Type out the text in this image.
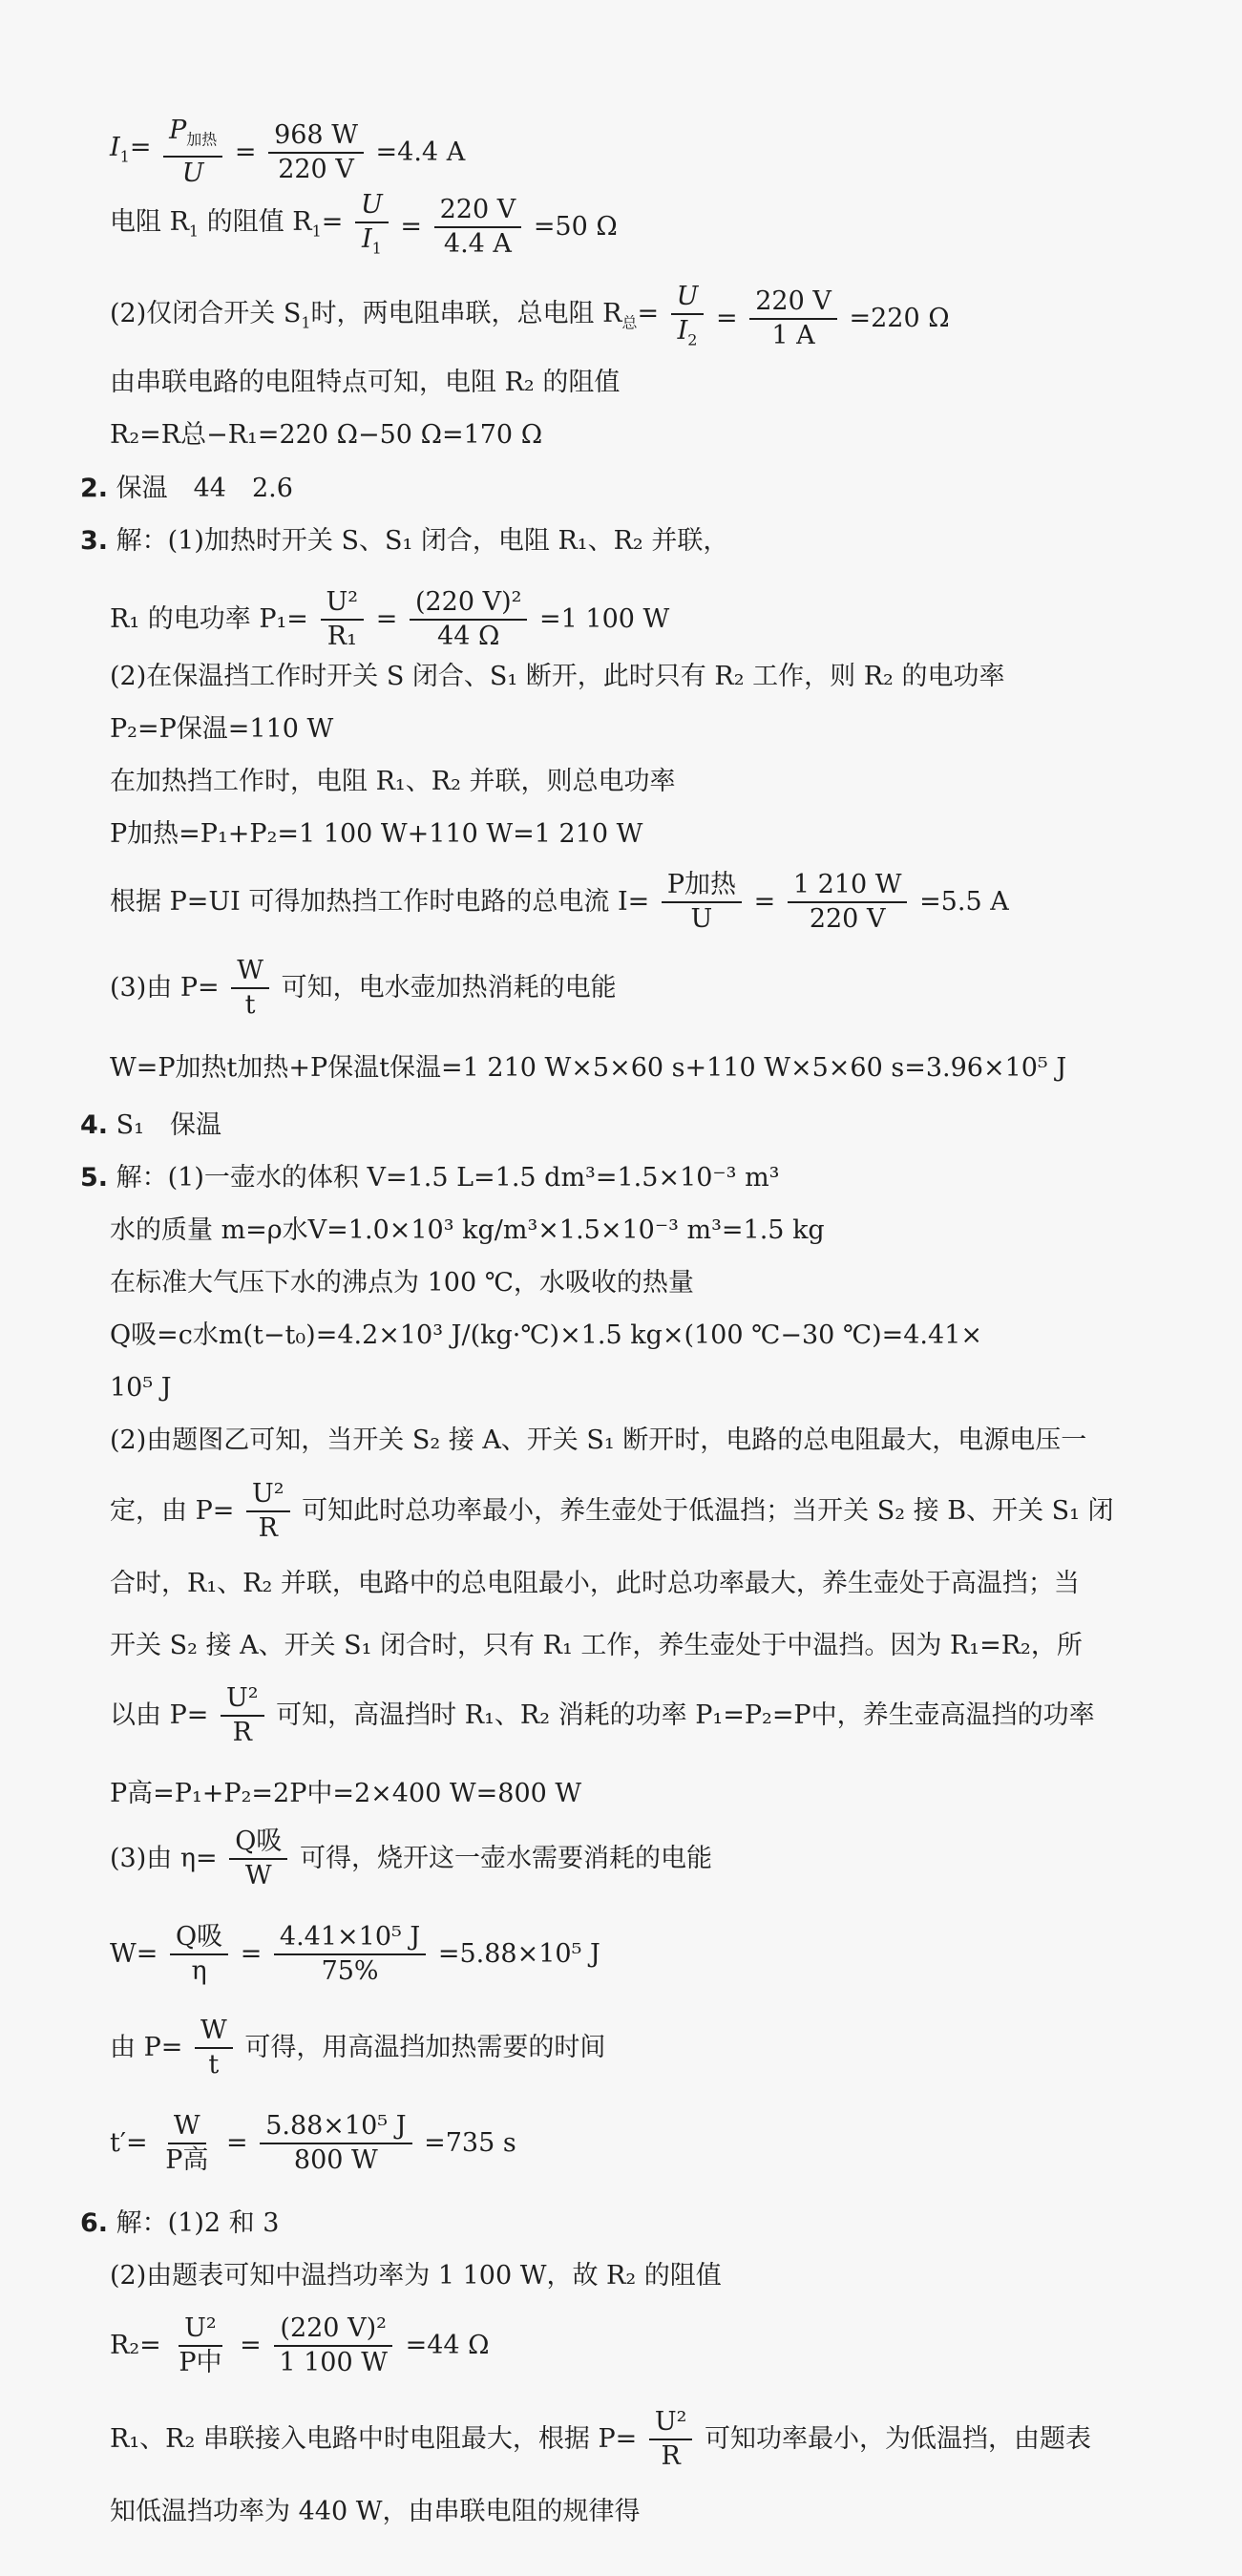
$I_1=$
$P_{加热}$
U
= $\frac{968 W}{220 V} =4.4$ A
电阻 $R_1$ 的阻值 $R_1= \frac{U}{I_1} = \frac{220 V}{4.4 A} =50$ Ω
(2)仅闭合开关 $S_1$时，两电阻串联，总电阻 $R_总= \frac{U}{I_2} = \frac{220 V}{1 A} =220$ Ω
由串联电路的电阻特点可知，电阻 R₂ 的阻值
R₂=R总−R₁=220 Ω−50 Ω=170 Ω
2. 保温　44　2.6
3. 解：(1)加热时开关 S、S₁ 闭合，电阻 R₁、R₂ 并联，
R₁ 的电功率 $P_1= \frac{\text{U²}}{\text{R₁}} = \frac{\text{(220 V)²}}{44 \Omega} =1$ 100 W
(2)在保温挡工作时开关 S 闭合、S₁ 断开，此时只有 R₂ 工作，则 R₂ 的电功率
P₂=P保温=110 W
在加热挡工作时，电阻 R₁、R₂ 并联，则总电功率
P加热=P₁+P₂=1 100 W+110 W=1 210 W
根据 P=UI 可得加热挡工作时电路的总电流 I=
P加热
U
= $\frac{1 210 W}{220 V} =5.5$ A
(3)由 $P= \frac{W}{t}$ 可知，电水壶加热消耗的电能
W=P加热t加热+P保温t保温=1 210 W×5×60 s+110 W×5×60 s=3.96×10⁵ J
4. S₁　保温
5. 解：(1)一壶水的体积 V=1.5 L=1.5 dm³=1.5×10⁻³ m³
水的质量 m=ρ水V=1.0×10³ kg/m³×1.5×10⁻³ m³=1.5 kg
在标准大气压下水的沸点为 100 ℃，水吸收的热量
Q吸=c水m(t−t₀)=4.2×10³ J/(kg·℃)×1.5 kg×(100 ℃−30 ℃)=4.41×
10⁵ J
(2)由题图乙可知，当开关 S₂ 接 A、开关 S₁ 断开时，电路的总电阻最大，电源电压一
定，由 $P= \frac{\text{U²}}{R}$ 可知此时总功率最小，养生壶处于低温挡；当开关 S₂ 接 B、开关 S₁ 闭
合时，R₁、R₂ 并联，电路中的总电阻最小，此时总功率最大，养生壶处于高温挡；当
开关 S₂ 接 A、开关 S₁ 闭合时，只有 R₁ 工作，养生壶处于中温挡。因为 R₁=R₂，所
以由 $P= \frac{\text{U²}}{R}$ 可知，高温挡时 R₁、R₂ 消耗的功率 P₁=P₂=P中，养生壶高温挡的功率
P高=P₁+P₂=2P中=2×400 W=800 W
(3)由 η=
Q吸
W
可得，烧开这一壶水需要消耗的电能
W=
Q吸
η
= $\frac{\text{4.41×10⁵ J}}{75\%} =5.88\times 10^5$ J
由 $P= \frac{W}{t}$ 可得，用高温挡加热需要的时间
t′=
W
P高
= $\frac{\text{5.88×10⁵ J}}{800 W} =735$ s
6. 解：(1)2 和 3
(2)由题表可知中温挡功率为 1 100 W，故 R₂ 的阻值
R₂=
U²
P中
= $\frac{\text{(220 V)²}}{1 100 W} =44$ Ω
R₁、R₂ 串联接入电路中时电阻最大，根据 $P= \frac{\text{U²}}{R}$ 可知功率最小，为低温挡，由题表
知低温挡功率为 440 W，由串联电阻的规律得
